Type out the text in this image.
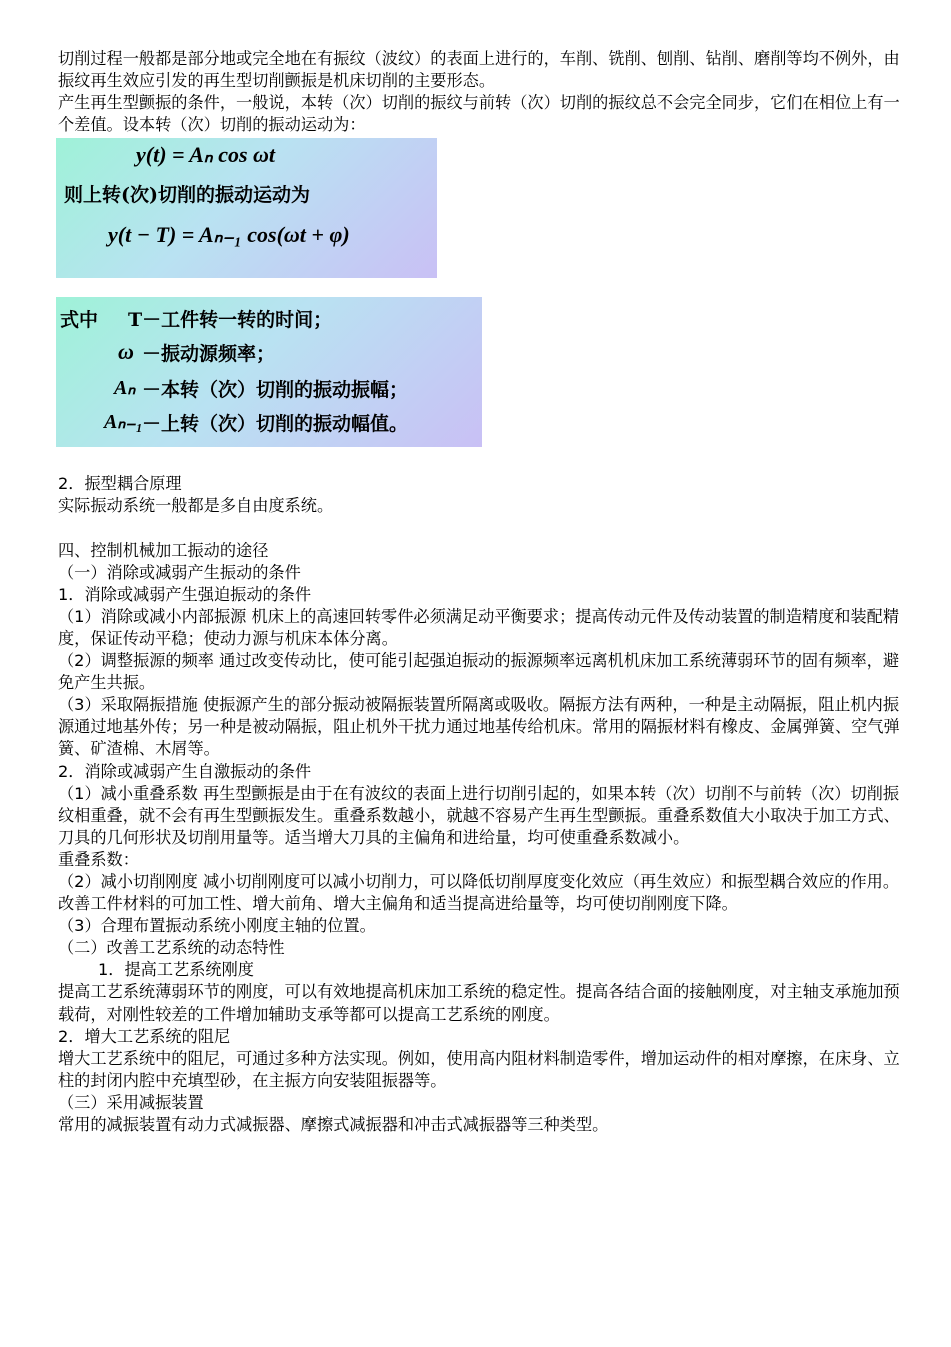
切削过程一般都是部分地或完全地在有振纹（波纹）的表面上进行的，车削、铣削、刨削、钻削、磨削等均不例外，由振纹再生效应引发的再生型切削颤振是机床切削的主要形态。

产生再生型颤振的条件，一般说，本转（次）切削的振纹与前转（次）切削的振纹总不会完全同步，它们在相位上有一个差值。设本转（次）切削的振动运动为：

y(t) = Aₙ cos ωt
则上转(次)切削的振动运动为
y(t − T) = Aₙ₋₁ cos(ωt + φ)
式中 T－工件转一转的时间；
ω －振动源频率；
Aₙ －本转（次）切削的振动振幅；
Aₙ₋₁ －上转（次）切削的振动幅值。

2．振型耦合原理

实际振动系统一般都是多自由度系统。

四、控制机械加工振动的途径

（一）消除或减弱产生振动的条件

1．消除或减弱产生强迫振动的条件

（1）消除或减小内部振源 机床上的高速回转零件必须满足动平衡要求；提高传动元件及传动装置的制造精度和装配精度，保证传动平稳；使动力源与机床本体分离。

（2）调整振源的频率 通过改变传动比，使可能引起强迫振动的振源频率远离机机床加工系统薄弱环节的固有频率，避免产生共振。

（3）采取隔振措施 使振源产生的部分振动被隔振装置所隔离或吸收。隔振方法有两种，一种是主动隔振，阻止机内振源通过地基外传；另一种是被动隔振，阻止机外干扰力通过地基传给机床。常用的隔振材料有橡皮、金属弹簧、空气弹簧、矿渣棉、木屑等。

2．消除或减弱产生自激振动的条件

（1）减小重叠系数 再生型颤振是由于在有波纹的表面上进行切削引起的，如果本转（次）切削不与前转（次）切削振纹相重叠，就不会有再生型颤振发生。重叠系数越小，就越不容易产生再生型颤振。重叠系数值大小取决于加工方式、刀具的几何形状及切削用量等。适当增大刀具的主偏角和进给量，均可使重叠系数减小。

重叠系数：

（2）减小切削刚度 减小切削刚度可以减小切削力，可以降低切削厚度变化效应（再生效应）和振型耦合效应的作用。改善工件材料的可加工性、增大前角、增大主偏角和适当提高进给量等，均可使切削刚度下降。

（3）合理布置振动系统小刚度主轴的位置。

（二）改善工艺系统的动态特性

1．提高工艺系统刚度

提高工艺系统薄弱环节的刚度，可以有效地提高机床加工系统的稳定性。提高各结合面的接触刚度，对主轴支承施加预载荷，对刚性较差的工件增加辅助支承等都可以提高工艺系统的刚度。

2．增大工艺系统的阻尼

增大工艺系统中的阻尼，可通过多种方法实现。例如，使用高内阻材料制造零件，增加运动件的相对摩擦，在床身、立柱的封闭内腔中充填型砂，在主振方向安装阻振器等。

（三）采用减振装置

常用的减振装置有动力式减振器、摩擦式减振器和冲击式减振器等三种类型。
